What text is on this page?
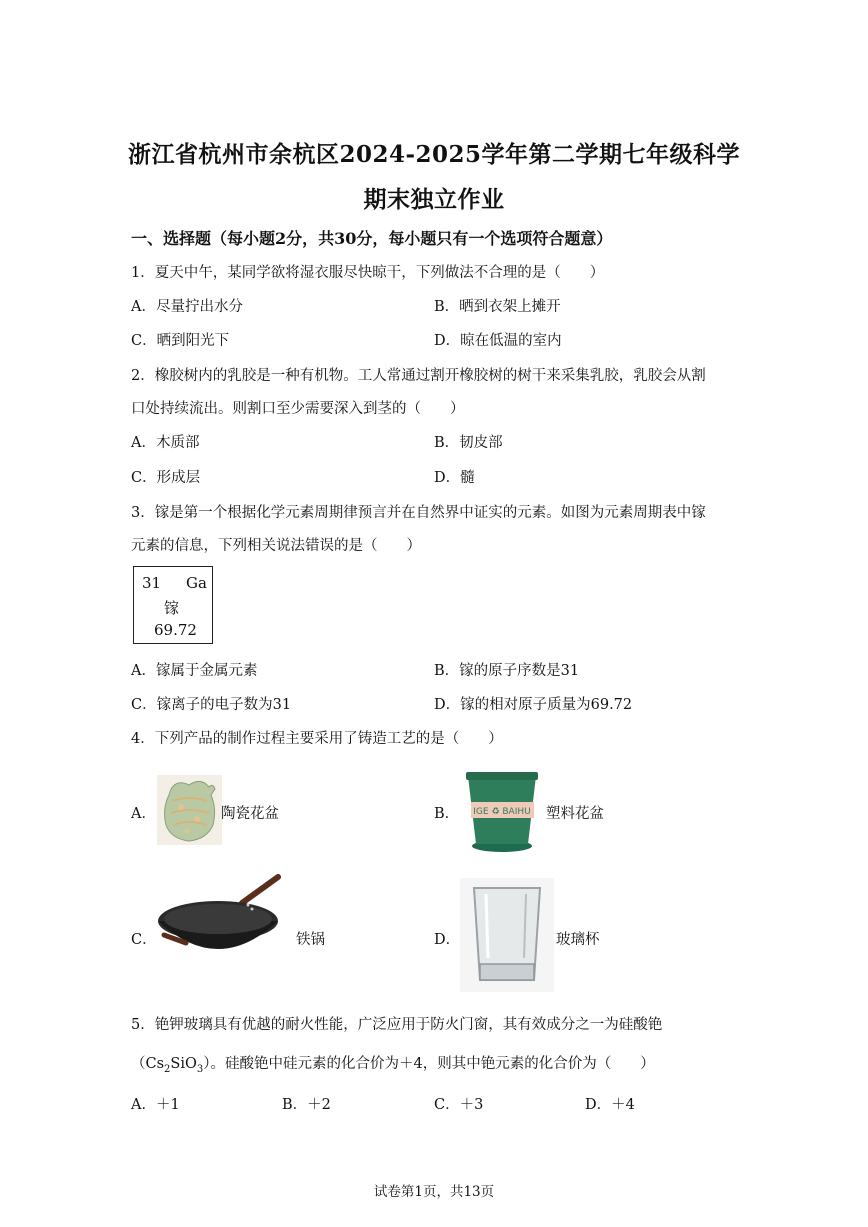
浙江省杭州市余杭区2024-2025学年第二学期七年级科学
期末独立作业
一、选择题（每小题2分，共30分，每小题只有一个选项符合题意）
1．夏天中午，某同学欲将湿衣服尽快晾干，下列做法不合理的是（　　）
A．尽量拧出水分	B．晒到衣架上摊开
C．晒到阳光下	D．晾在低温的室内
2．橡胶树内的乳胶是一种有机物。工人常通过割开橡胶树的树干来采集乳胶，乳胶会从割
口处持续流出。则割口至少需要深入到茎的（　　）
A．木质部	B．韧皮部
C．形成层	D．髓
3．镓是第一个根据化学元素周期律预言并在自然界中证实的元素。如图为元素周期表中镓
元素的信息，下列相关说法错误的是（　　）
31 Ga
镓
69.72
A．镓属于金属元素	B．镓的原子序数是31
C．镓离子的电子数为31	D．镓的相对原子质量为69.72
4．下列产品的制作过程主要采用了铸造工艺的是（　　）
A．	陶瓷花盆	B． IGE ♻ BAIHU 塑料花盆
C．	铁锅	D．	玻璃杯
5．铯钾玻璃具有优越的耐火性能，广泛应用于防火门窗，其有效成分之一为硅酸铯
$(Cs_2SiO_3)$。硅酸铯中硅元素的化合价为＋4，则其中铯元素的化合价为（　　）
A．＋1	B．＋2	C．＋3	D．＋4
试卷第1页，共13页
